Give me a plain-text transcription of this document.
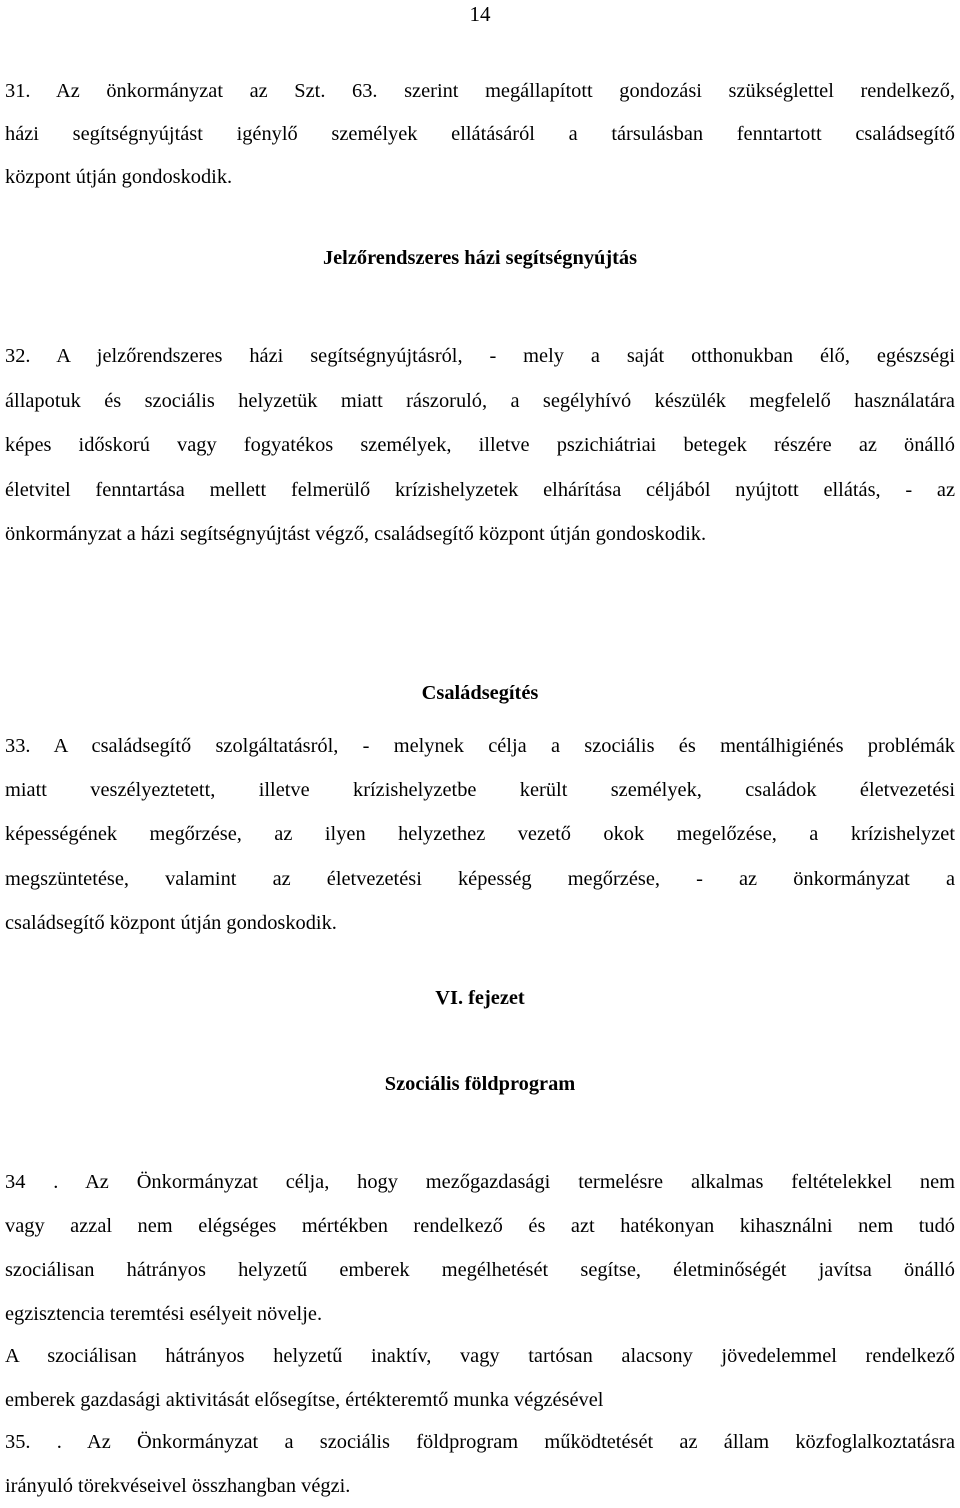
14
31. Az önkormányzat az Szt. 63. szerint megállapított gondozási szükséglettel rendelkező,
házi segítségnyújtást igénylő személyek ellátásáról a társulásban fenntartott családsegítő
központ útján gondoskodik.
Jelzőrendszeres házi segítségnyújtás
32. A jelzőrendszeres házi segítségnyújtásról, - mely a saját otthonukban élő, egészségi
állapotuk és szociális helyzetük miatt rászoruló, a segélyhívó készülék megfelelő használatára
képes időskorú vagy fogyatékos személyek, illetve pszichiátriai betegek részére az önálló
életvitel fenntartása mellett felmerülő krízishelyzetek elhárítása céljából nyújtott ellátás, - az
önkormányzat a házi segítségnyújtást végző, családsegítő központ útján gondoskodik.
Családsegítés
33. A családsegítő szolgáltatásról, - melynek célja a szociális és mentálhigiénés problémák
miatt veszélyeztetett, illetve krízishelyzetbe került személyek, családok életvezetési
képességének megőrzése, az ilyen helyzethez vezető okok megelőzése, a krízishelyzet
megszüntetése, valamint az életvezetési képesség megőrzése, - az önkormányzat a
családsegítő központ útján gondoskodik.
VI. fejezet
Szociális földprogram
34 . Az Önkormányzat célja, hogy mezőgazdasági termelésre alkalmas feltételekkel nem
vagy azzal nem elégséges mértékben rendelkező és azt hatékonyan kihasználni nem tudó
szociálisan hátrányos helyzetű emberek megélhetését segítse, életminőségét javítsa önálló
egzisztencia teremtési esélyeit növelje.
A szociálisan hátrányos helyzetű inaktív, vagy tartósan alacsony jövedelemmel rendelkező
emberek gazdasági aktivitását elősegítse, értékteremtő munka végzésével
35. . Az Önkormányzat a szociális földprogram működtetését az állam közfoglalkoztatásra
irányuló törekvéseivel összhangban végzi.
